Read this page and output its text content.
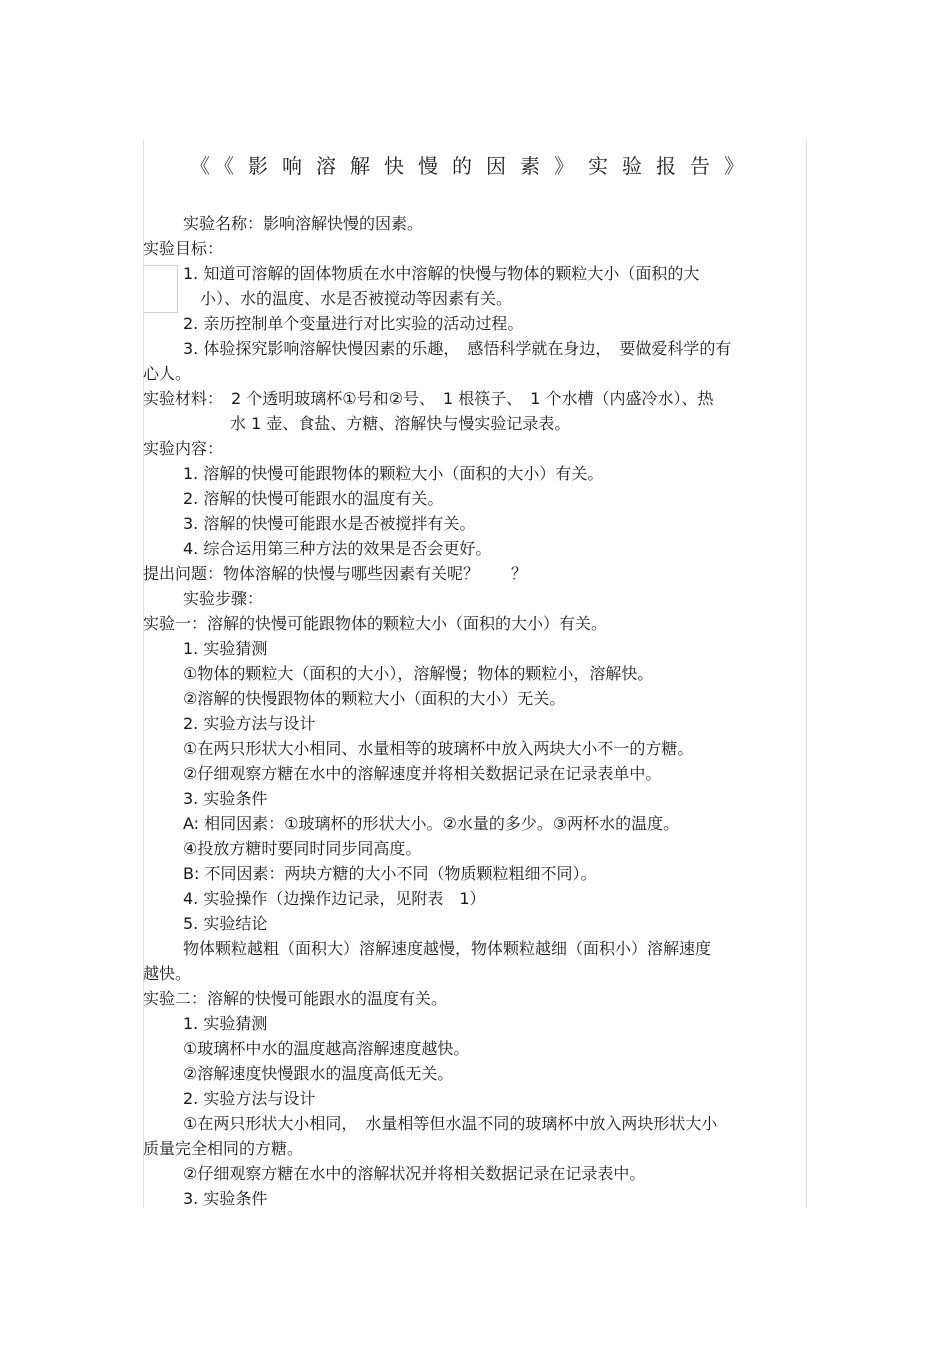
《《影响溶解快慢的因素》实验报告》
实验名称：影响溶解快慢的因素。
实验目标：
1. 知道可溶解的固体物质在水中溶解的快慢与物体的颗粒大小（面积的大
小）、水的温度、水是否被搅动等因素有关。
2. 亲历控制单个变量进行对比实验的活动过程。
3. 体验探究影响溶解快慢因素的乐趣，　感悟科学就在身边，　要做爱科学的有
心人。
实验材料：　2 个透明玻璃杯①号和②号、　1 根筷子、　1 个水槽（内盛冷水）、热
水 1 壶、食盐、方糖、溶解快与慢实验记录表。
实验内容：
1. 溶解的快慢可能跟物体的颗粒大小（面积的大小）有关。
2. 溶解的快慢可能跟水的温度有关。
3. 溶解的快慢可能跟水是否被搅拌有关。
4. 综合运用第三种方法的效果是否会更好。
提出问题：物体溶解的快慢与哪些因素有关呢？　　？
实验步骤：
实验一：溶解的快慢可能跟物体的颗粒大小（面积的大小）有关。
1. 实验猜测
①物体的颗粒大（面积的大小），溶解慢；物体的颗粒小，溶解快。
②溶解的快慢跟物体的颗粒大小（面积的大小）无关。
2. 实验方法与设计
①在两只形状大小相同、水量相等的玻璃杯中放入两块大小不一的方糖。
②仔细观察方糖在水中的溶解速度并将相关数据记录在记录表单中。
3. 实验条件
A: 相同因素：①玻璃杯的形状大小。②水量的多少。③两杯水的温度。
④投放方糖时要同时同步同高度。
B: 不同因素：两块方糖的大小不同（物质颗粒粗细不同）。
4. 实验操作（边操作边记录，见附表　1）
5. 实验结论
物体颗粒越粗（面积大）溶解速度越慢，物体颗粒越细（面积小）溶解速度
越快。
实验二：溶解的快慢可能跟水的温度有关。
1. 实验猜测
①玻璃杯中水的温度越高溶解速度越快。
②溶解速度快慢跟水的温度高低无关。
2. 实验方法与设计
①在两只形状大小相同，　水量相等但水温不同的玻璃杯中放入两块形状大小
质量完全相同的方糖。
②仔细观察方糖在水中的溶解状况并将相关数据记录在记录表中。
3. 实验条件
